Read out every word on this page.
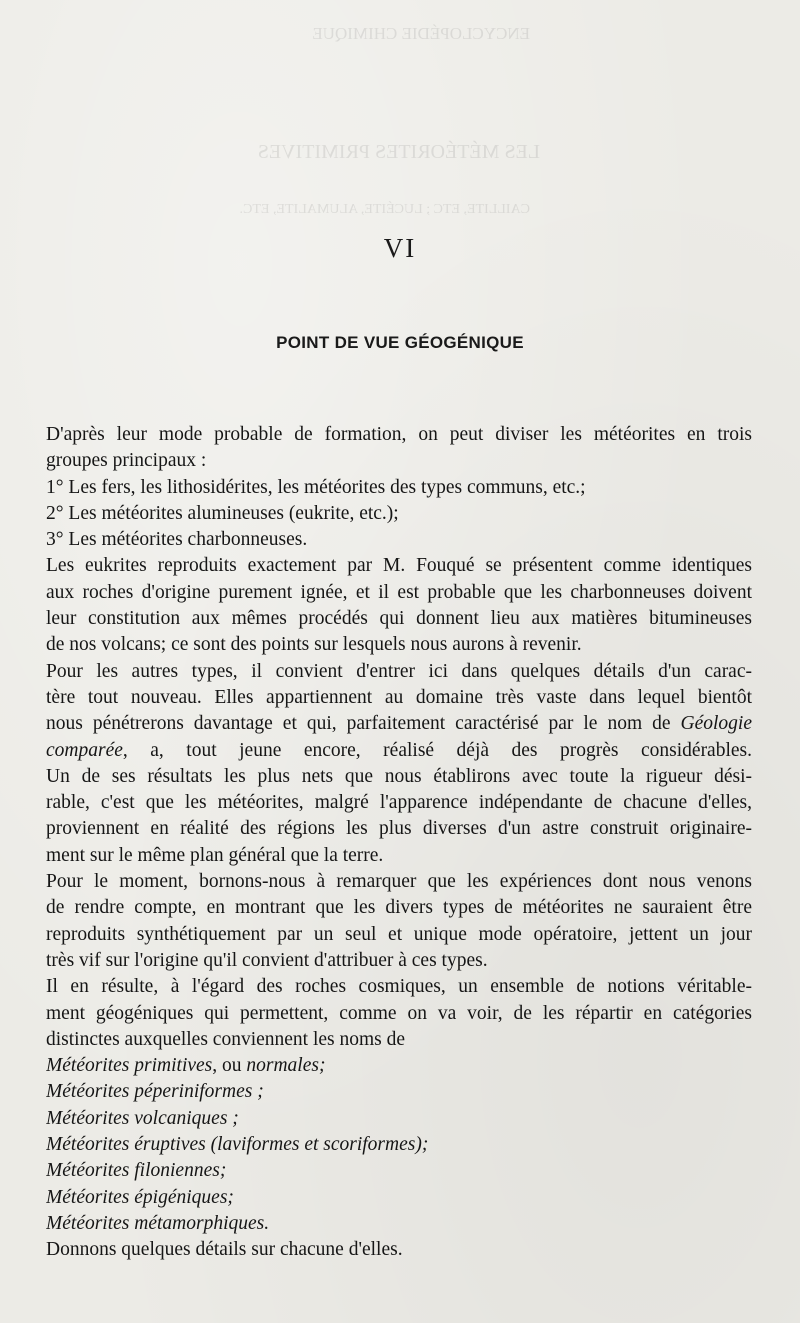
ENCYCLOPÉDIE CHIMIQUE
LES MÉTÉORITES PRIMITIVES
CAILLITE, ETC ; LUCÉITE, ALUMALITE, ETC.
VI
POINT DE VUE GÉOGÉNIQUE
D'après leur mode probable de formation, on peut diviser les météorites en trois
groupes principaux :
1° Les fers, les lithosidérites, les météorites des types communs, etc.;
2° Les météorites alumineuses (eukrite, etc.);
3° Les météorites charbonneuses.
Les eukrites reproduits exactement par M. Fouqué se présentent comme identiques
aux roches d'origine purement ignée, et il est probable que les charbonneuses doivent
leur constitution aux mêmes procédés qui donnent lieu aux matières bitumineuses
de nos volcans; ce sont des points sur lesquels nous aurons à revenir.
Pour les autres types, il convient d'entrer ici dans quelques détails d'un carac-
tère tout nouveau. Elles appartiennent au domaine très vaste dans lequel bientôt
nous pénétrerons davantage et qui, parfaitement caractérisé par le nom de Géologie
comparée, a, tout jeune encore, réalisé déjà des progrès considérables.
Un de ses résultats les plus nets que nous établirons avec toute la rigueur dési-
rable, c'est que les météorites, malgré l'apparence indépendante de chacune d'elles,
proviennent en réalité des régions les plus diverses d'un astre construit originaire-
ment sur le même plan général que la terre.
Pour le moment, bornons-nous à remarquer que les expériences dont nous venons
de rendre compte, en montrant que les divers types de météorites ne sauraient être
reproduits synthétiquement par un seul et unique mode opératoire, jettent un jour
très vif sur l'origine qu'il convient d'attribuer à ces types.
Il en résulte, à l'égard des roches cosmiques, un ensemble de notions véritable-
ment géogéniques qui permettent, comme on va voir, de les répartir en catégories
distinctes auxquelles conviennent les noms de
Météorites primitives, ou normales;
Météorites péperiniformes ;
Météorites volcaniques ;
Météorites éruptives (laviformes et scoriformes);
Météorites filoniennes;
Météorites épigéniques;
Météorites métamorphiques.
Donnons quelques détails sur chacune d'elles.
